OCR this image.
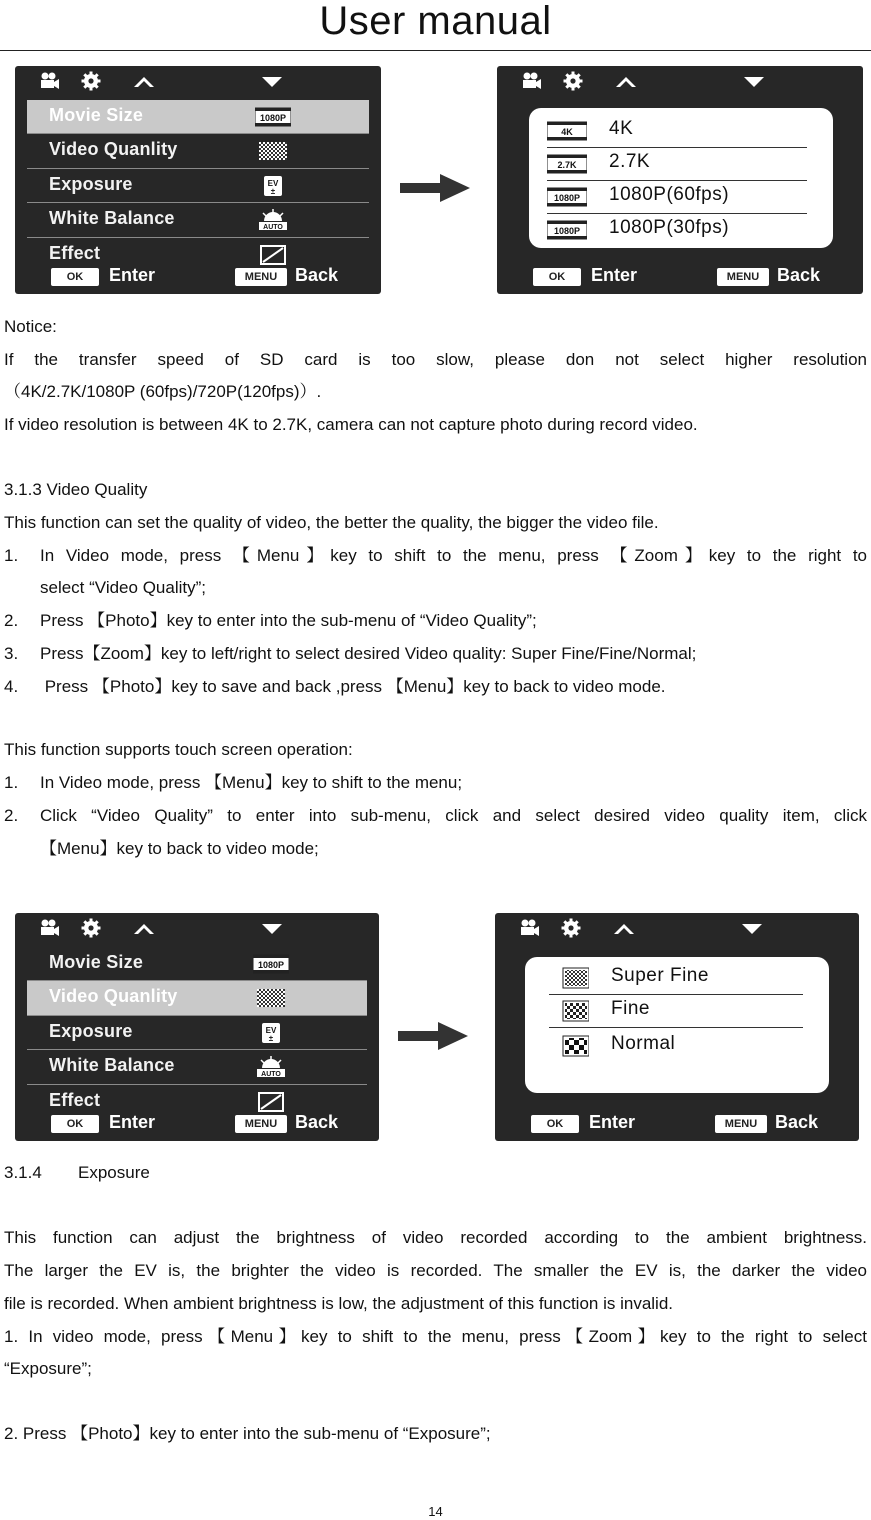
User manual
Movie Size	1080P
Video Quanlity
Exposure	EV
±
White Balance	AUTO
Effect
OK	Enter	MENU Back
4K 4K
2.7K 2.7K
1080P 1080P(60fps)
1080P 1080P(30fps)
OK	Enter	MENU Back
Notice:
If the transfer speed of SD card is too slow, please don not select higher resolution
（4K/2.7K/1080P (60fps)/720P(120fps)）.
If video resolution is between 4K to 2.7K, camera can not capture photo during record video.
3.1.3 Video Quality
This function can set the quality of video, the better the quality, the bigger the video file.
1. In Video mode, press 【Menu】key to shift to the menu, press 【Zoom】key to the right to
select “Video Quality”;
2. Press 【Photo】key to enter into the sub-menu of “Video Quality”;
3. Press【Zoom】key to left/right to select desired Video quality: Super Fine/Fine/Normal;
4. Press 【Photo】key to save and back ,press 【Menu】key to back to video mode.
This function supports touch screen operation:
1. In Video mode, press 【Menu】key to shift to the menu;
2. Click “Video Quality” to enter into sub-menu, click and select desired video quality item, click
【Menu】key to back to video mode;
Movie Size	1080P
Video Quanlity
Exposure	EV
±
White Balance	AUTO
Effect
OK	Enter	MENU Back
Super Fine
Fine
Normal
OK	Enter	MENU Back
3.1.4 Exposure
This function can adjust the brightness of video recorded according to the ambient brightness.
The larger the EV is, the brighter the video is recorded. The smaller the EV is, the darker the video
file is recorded. When ambient brightness is low, the adjustment of this function is invalid.
1. In video mode, press【Menu】key to shift to the menu, press【Zoom】key to the right to select
“Exposure”;
2. Press 【Photo】key to enter into the sub-menu of “Exposure”;
14
